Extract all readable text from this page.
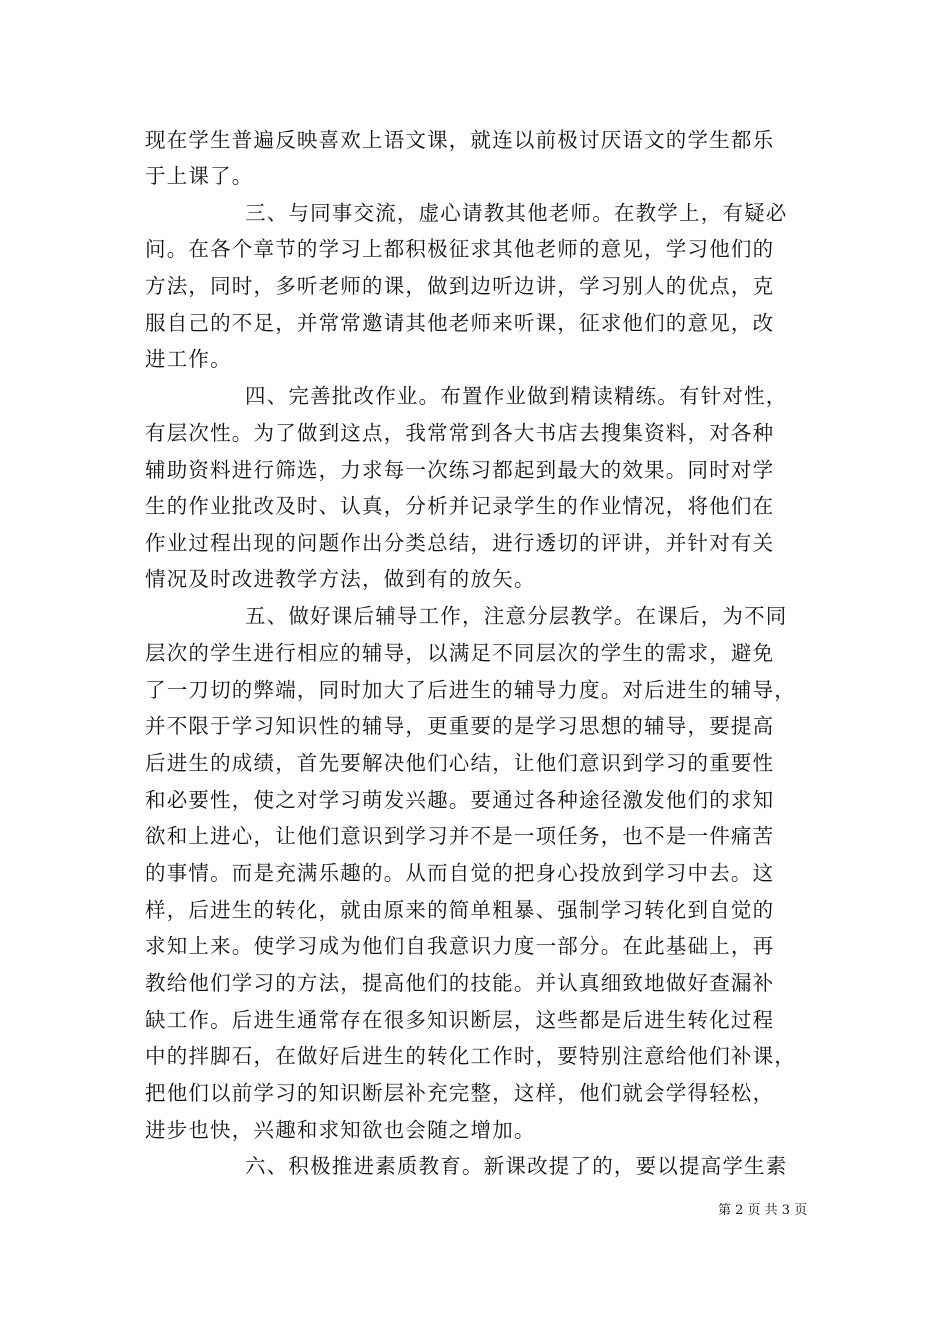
现在学生普遍反映喜欢上语文课，就连以前极讨厌语文的学生都乐
于上课了。
三、与同事交流，虚心请教其他老师。在教学上，有疑必
问。在各个章节的学习上都积极征求其他老师的意见，学习他们的
方法，同时，多听老师的课，做到边听边讲，学习别人的优点，克
服自己的不足，并常常邀请其他老师来听课，征求他们的意见，改
进工作。
四、完善批改作业。布置作业做到精读精练。有针对性，
有层次性。为了做到这点，我常常到各大书店去搜集资料，对各种
辅助资料进行筛选，力求每一次练习都起到最大的效果。同时对学
生的作业批改及时、认真，分析并记录学生的作业情况，将他们在
作业过程出现的问题作出分类总结，进行透切的评讲，并针对有关
情况及时改进教学方法，做到有的放矢。
五、做好课后辅导工作，注意分层教学。在课后，为不同
层次的学生进行相应的辅导，以满足不同层次的学生的需求，避免
了一刀切的弊端，同时加大了后进生的辅导力度。对后进生的辅导，
并不限于学习知识性的辅导，更重要的是学习思想的辅导，要提高
后进生的成绩，首先要解决他们心结，让他们意识到学习的重要性
和必要性，使之对学习萌发兴趣。要通过各种途径激发他们的求知
欲和上进心，让他们意识到学习并不是一项任务，也不是一件痛苦
的事情。而是充满乐趣的。从而自觉的把身心投放到学习中去。这
样，后进生的转化，就由原来的简单粗暴、强制学习转化到自觉的
求知上来。使学习成为他们自我意识力度一部分。在此基础上，再
教给他们学习的方法，提高他们的技能。并认真细致地做好查漏补
缺工作。后进生通常存在很多知识断层，这些都是后进生转化过程
中的拌脚石，在做好后进生的转化工作时，要特别注意给他们补课，
把他们以前学习的知识断层补充完整，这样，他们就会学得轻松，
进步也快，兴趣和求知欲也会随之增加。
六、积极推进素质教育。新课改提了的，要以提高学生素
第 2 页 共 3 页
